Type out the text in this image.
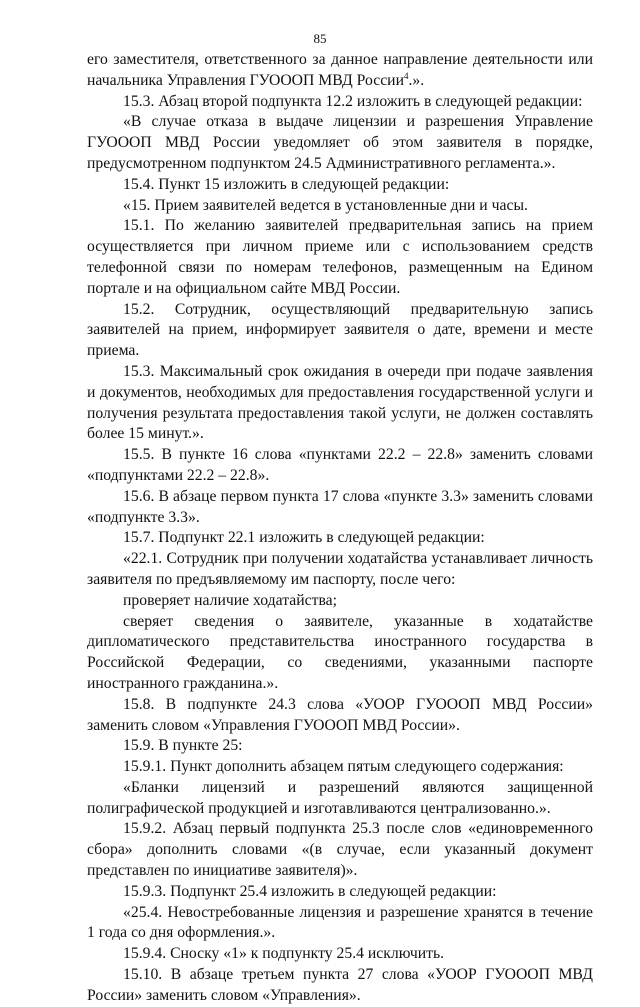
85

его заместителя, ответственного за данное направление деятельности или начальника Управления ГУОООП МВД России$^4$.».

15.3. Абзац второй подпункта 12.2 изложить в следующей редакции:

«В случае отказа в выдаче лицензии и разрешения Управление ГУОООП МВД России уведомляет об этом заявителя в порядке, предусмотренном подпунктом 24.5 Административного регламента.».

15.4. Пункт 15 изложить в следующей редакции:

«15. Прием заявителей ведется в установленные дни и часы.

15.1. По желанию заявителей предварительная запись на прием осуществляется при личном приеме или с использованием средств телефонной связи по номерам телефонов, размещенным на Едином портале и на официальном сайте МВД России.

15.2. Сотрудник, осуществляющий предварительную запись заявителей на прием, информирует заявителя о дате, времени и месте приема.

15.3. Максимальный срок ожидания в очереди при подаче заявления и документов, необходимых для предоставления государственной услуги и получения результата предоставления такой услуги, не должен составлять более 15 минут.».

15.5. В пункте 16 слова «пунктами 22.2 – 22.8» заменить словами «подпунктами 22.2 – 22.8».

15.6. В абзаце первом пункта 17 слова «пункте 3.3» заменить словами «подпункте 3.3».

15.7. Подпункт 22.1 изложить в следующей редакции:

«22.1. Сотрудник при получении ходатайства устанавливает личность заявителя по предъявляемому им паспорту, после чего:

проверяет наличие ходатайства;

сверяет сведения о заявителе, указанные в ходатайстве дипломатического представительства иностранного государства в Российской Федерации, со сведениями, указанными паспорте иностранного гражданина.».

15.8. В подпункте 24.3 слова «УООР ГУОООП МВД России» заменить словом «Управления ГУОООП МВД России».

15.9. В пункте 25:

15.9.1. Пункт дополнить абзацем пятым следующего содержания:

«Бланки лицензий и разрешений являются защищенной полиграфической продукцией и изготавливаются централизованно.».

15.9.2. Абзац первый подпункта 25.3 после слов «единовременного сбора» дополнить словами «(в случае, если указанный документ представлен по инициативе заявителя)».

15.9.3. Подпункт 25.4 изложить в следующей редакции:

«25.4. Невостребованные лицензия и разрешение хранятся в течение 1 года со дня оформления.».

15.9.4. Сноску «1» к подпункту 25.4 исключить.

15.10. В абзаце третьем пункта 27 слова «УООР ГУОООП МВД России» заменить словом «Управления».
